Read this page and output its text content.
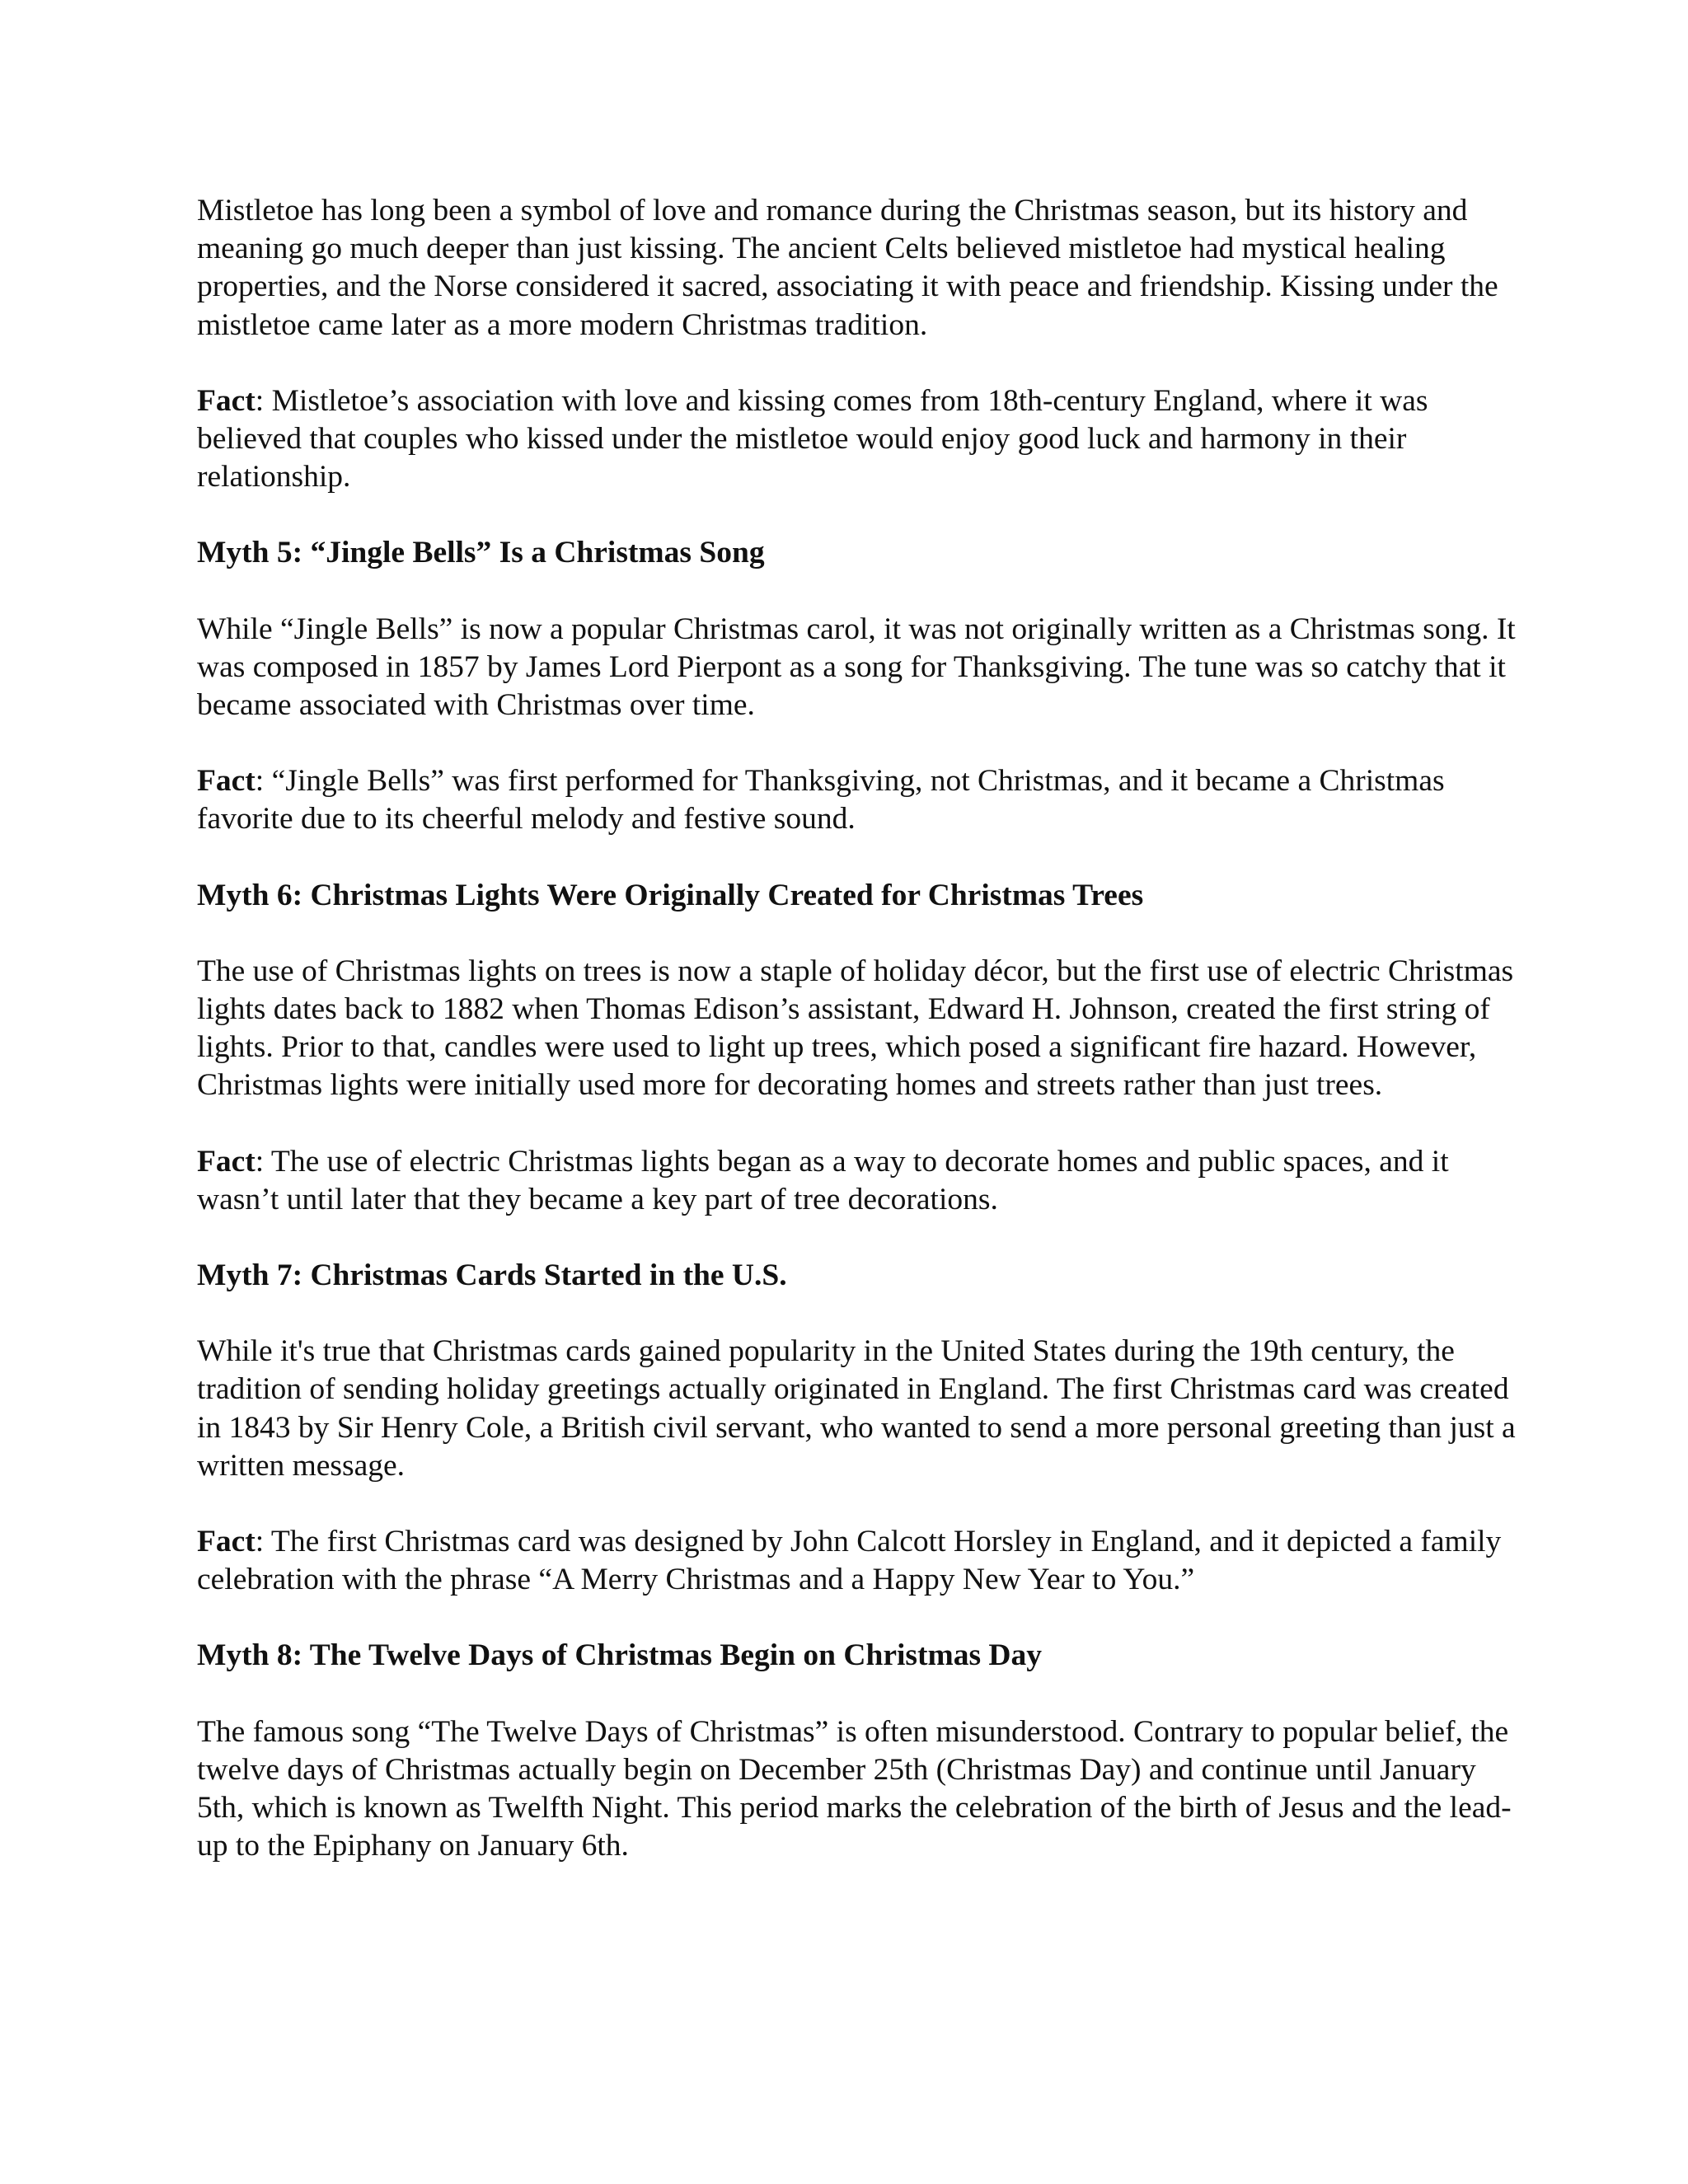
Mistletoe has long been a symbol of love and romance during the Christmas season, but its history and meaning go much deeper than just kissing. The ancient Celts believed mistletoe had mystical healing properties, and the Norse considered it sacred, associating it with peace and friendship. Kissing under the mistletoe came later as a more modern Christmas tradition.

Fact: Mistletoe’s association with love and kissing comes from 18th-century England, where it was believed that couples who kissed under the mistletoe would enjoy good luck and harmony in their relationship.

Myth 5: “Jingle Bells” Is a Christmas Song

While “Jingle Bells” is now a popular Christmas carol, it was not originally written as a Christmas song. It was composed in 1857 by James Lord Pierpont as a song for Thanksgiving. The tune was so catchy that it became associated with Christmas over time.

Fact: “Jingle Bells” was first performed for Thanksgiving, not Christmas, and it became a Christmas favorite due to its cheerful melody and festive sound.

Myth 6: Christmas Lights Were Originally Created for Christmas Trees

The use of Christmas lights on trees is now a staple of holiday décor, but the first use of electric Christmas lights dates back to 1882 when Thomas Edison’s assistant, Edward H. Johnson, created the first string of lights. Prior to that, candles were used to light up trees, which posed a significant fire hazard. However, Christmas lights were initially used more for decorating homes and streets rather than just trees.

Fact: The use of electric Christmas lights began as a way to decorate homes and public spaces, and it wasn’t until later that they became a key part of tree decorations.

Myth 7: Christmas Cards Started in the U.S.

While it's true that Christmas cards gained popularity in the United States during the 19th century, the tradition of sending holiday greetings actually originated in England. The first Christmas card was created in 1843 by Sir Henry Cole, a British civil servant, who wanted to send a more personal greeting than just a written message.

Fact: The first Christmas card was designed by John Calcott Horsley in England, and it depicted a family celebration with the phrase “A Merry Christmas and a Happy New Year to You.”

Myth 8: The Twelve Days of Christmas Begin on Christmas Day

The famous song “The Twelve Days of Christmas” is often misunderstood. Contrary to popular belief, the twelve days of Christmas actually begin on December 25th (Christmas Day) and continue until January 5th, which is known as Twelfth Night. This period marks the celebration of the birth of Jesus and the lead-up to the Epiphany on January 6th.
